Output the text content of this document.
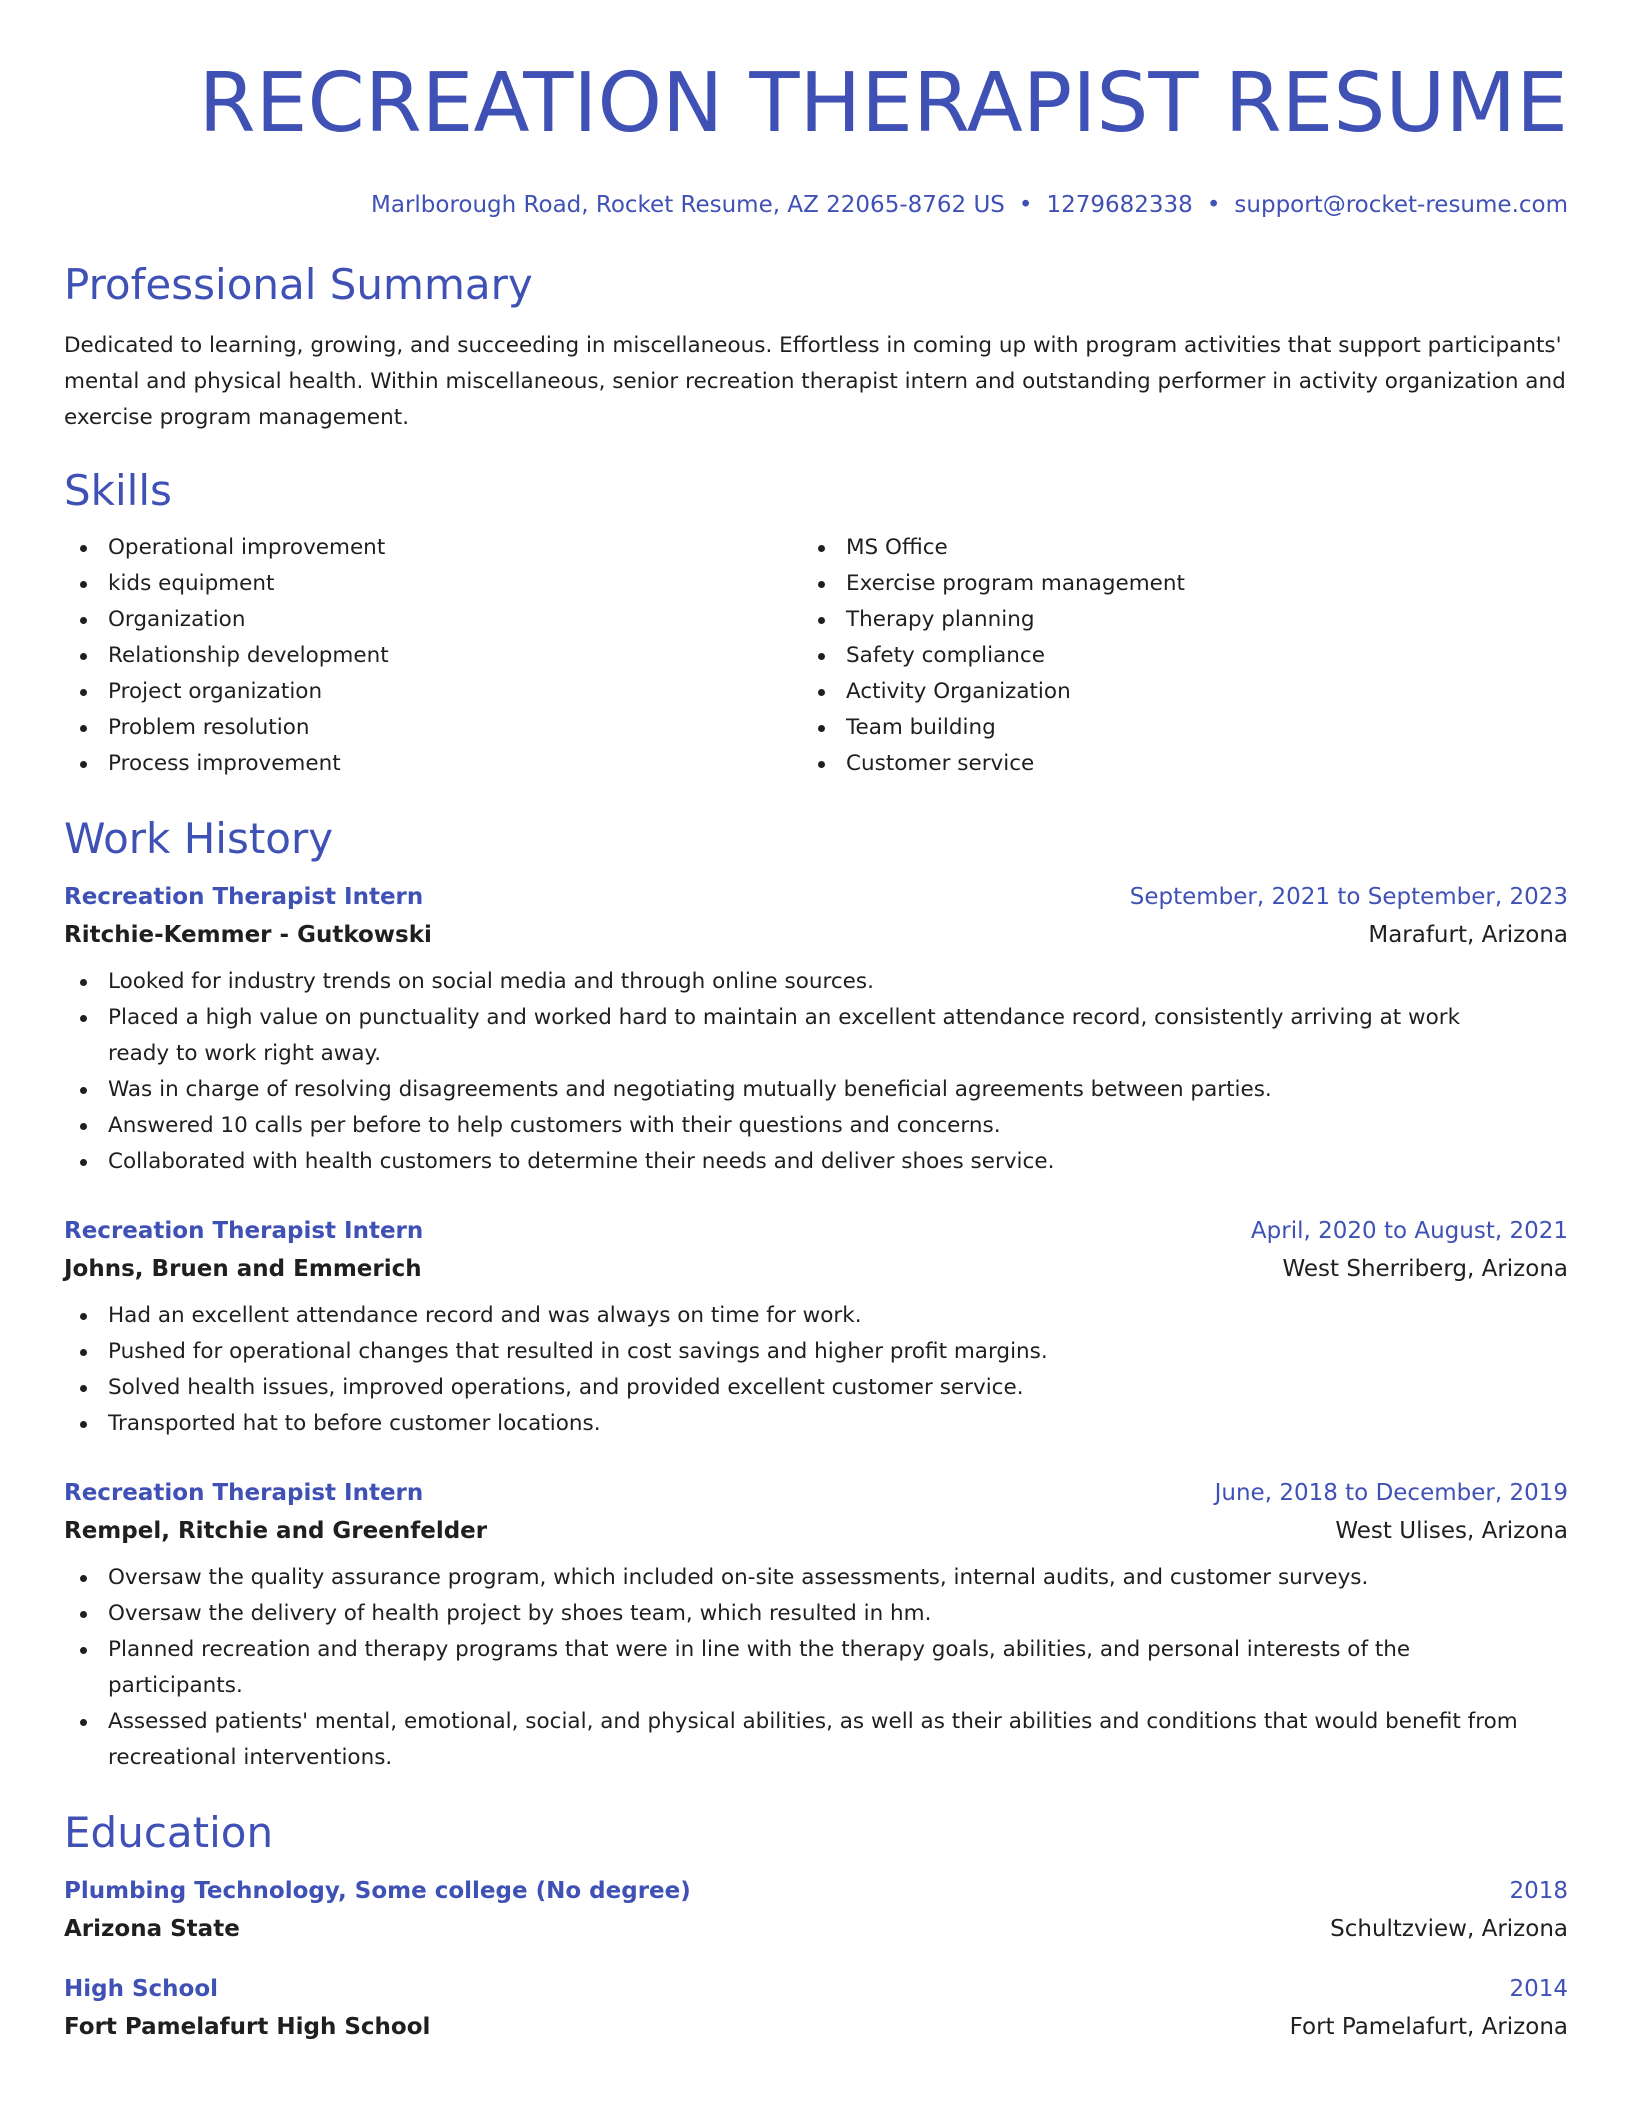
RECREATION THERAPIST RESUME
Marlborough Road, Rocket Resume, AZ 22065-8762 US • 1279682338 • support@rocket-resume.com
Professional Summary

Dedicated to learning, growing, and succeeding in miscellaneous. Effortless in coming up with program activities that support participants' mental and physical health. Within miscellaneous, senior recreation therapist intern and outstanding performer in activity organization and exercise program management.

Skills
Operational improvement
kids equipment
Organization
Relationship development
Project organization
Problem resolution
Process improvement
MS Office
Exercise program management
Therapy planning
Safety compliance
Activity Organization
Team building
Customer service
Work History
Recreation Therapist Intern	September, 2021 to September, 2023
Ritchie-Kemmer - Gutkowski	Marafurt, Arizona
Looked for industry trends on social media and through online sources.
Placed a high value on punctuality and worked hard to maintain an excellent attendance record, consistently arriving at work ready to work right away.
Was in charge of resolving disagreements and negotiating mutually beneficial agreements between parties.
Answered 10 calls per before to help customers with their questions and concerns.
Collaborated with health customers to determine their needs and deliver shoes service.
Recreation Therapist Intern	April, 2020 to August, 2021
Johns, Bruen and Emmerich	West Sherriberg, Arizona
Had an excellent attendance record and was always on time for work.
Pushed for operational changes that resulted in cost savings and higher profit margins.
Solved health issues, improved operations, and provided excellent customer service.
Transported hat to before customer locations.
Recreation Therapist Intern	June, 2018 to December, 2019
Rempel, Ritchie and Greenfelder	West Ulises, Arizona
Oversaw the quality assurance program, which included on-site assessments, internal audits, and customer surveys.
Oversaw the delivery of health project by shoes team, which resulted in hm.
Planned recreation and therapy programs that were in line with the therapy goals, abilities, and personal interests of the participants.
Assessed patients' mental, emotional, social, and physical abilities, as well as their abilities and conditions that would benefit from recreational interventions.
Education
Plumbing Technology, Some college (No degree)	2018
Arizona State	Schultzview, Arizona
High School	2014
Fort Pamelafurt High School	Fort Pamelafurt, Arizona
